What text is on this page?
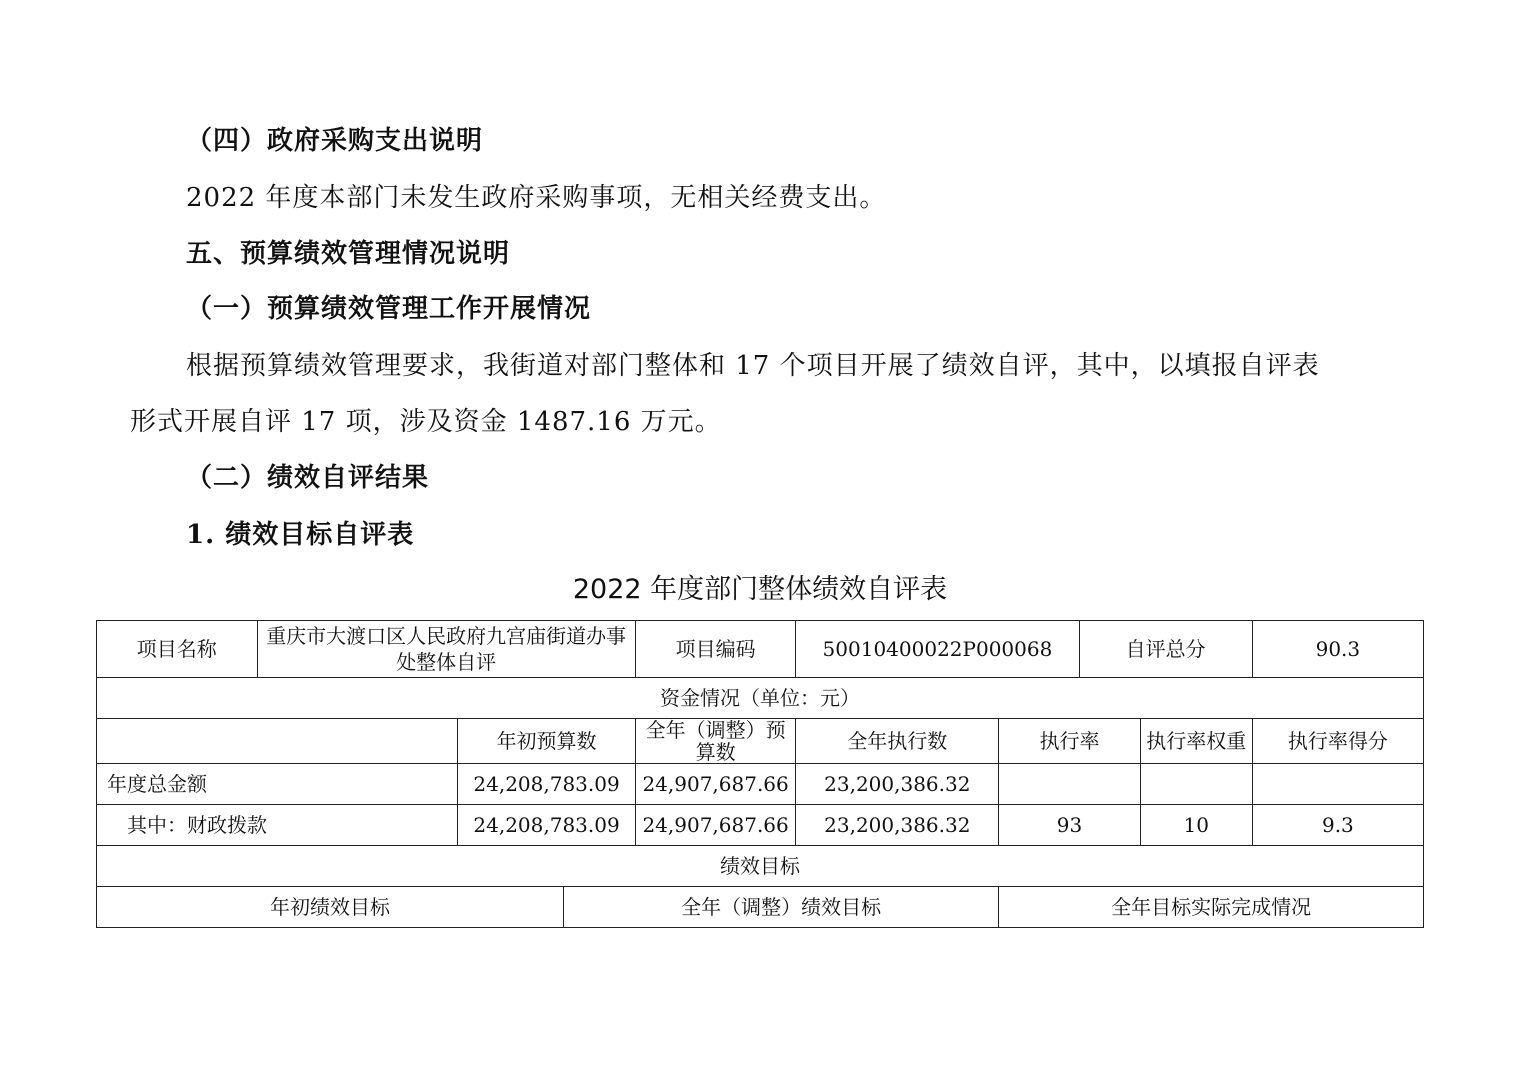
（四）政府采购支出说明
2022 年度本部门未发生政府采购事项，无相关经费支出。
五、预算绩效管理情况说明
（一）预算绩效管理工作开展情况
根据预算绩效管理要求，我街道对部门整体和 17 个项目开展了绩效自评，其中，以填报自评表
形式开展自评 17 项，涉及资金 1487.16 万元。
（二）绩效自评结果
1. 绩效目标自评表
2022 年度部门整体绩效自评表
项目名称	重庆市大渡口区人民政府九宫庙街道办事处整体自评			项目编码	50010400022P000068		自评总分		90.3
资金情况（单位：元）									
		年初预算数		全年（调整）预算数	全年执行数	执行率		执行率权重	执行率得分
年度总金额		24,208,783.09		24,907,687.66	23,200,386.32				
其中：财政拨款		24,208,783.09		24,907,687.66	23,200,386.32	93		10	9.3
绩效目标									
年初绩效目标			全年（调整）绩效目标			全年目标实际完成情况			
